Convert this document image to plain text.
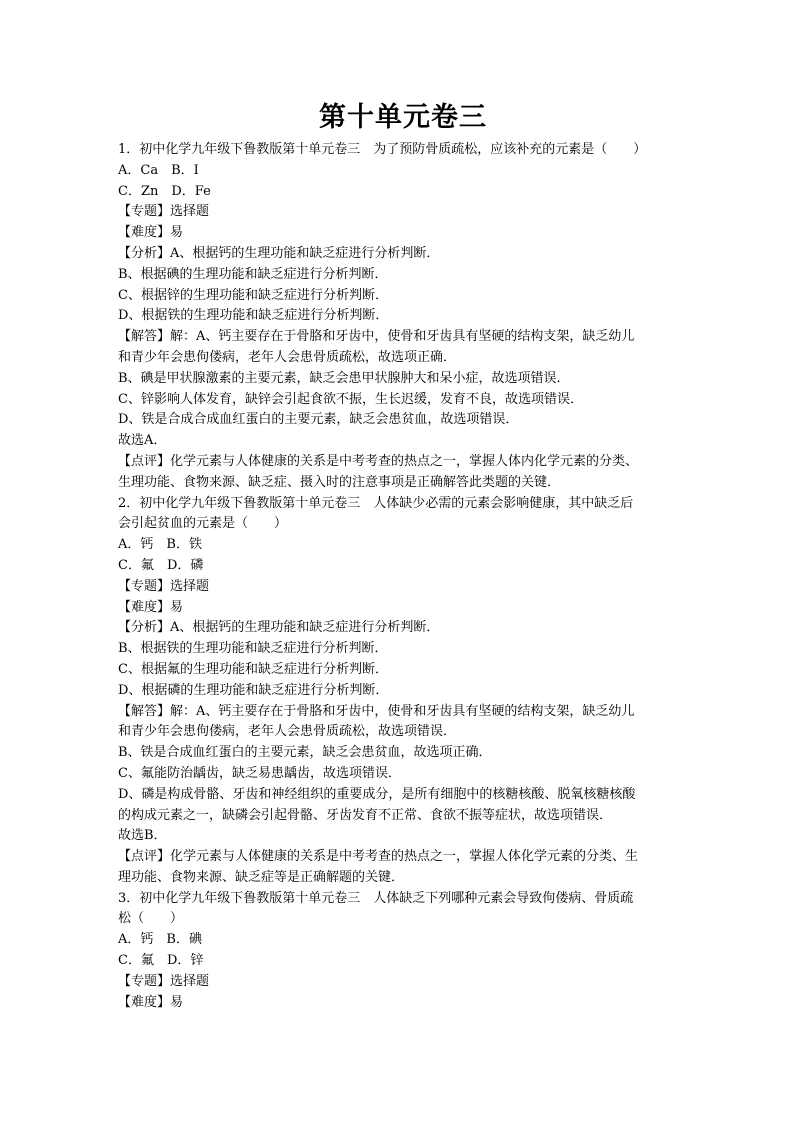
第十单元卷三
1．初中化学九年级下鲁教版第十单元卷三　为了预防骨质疏松，应该补充的元素是（　　）
A．Ca　B．I
C．Zn　D．Fe
【专题】选择题
【难度】易
【分析】A、根据钙的生理功能和缺乏症进行分析判断．
B、根据碘的生理功能和缺乏症进行分析判断．
C、根据锌的生理功能和缺乏症进行分析判断．
D、根据铁的生理功能和缺乏症进行分析判断．
【解答】解：A、钙主要存在于骨胳和牙齿中，使骨和牙齿具有坚硬的结构支架，缺乏幼儿
和青少年会患佝偻病，老年人会患骨质疏松，故选项正确．
B、碘是甲状腺激素的主要元素，缺乏会患甲状腺肿大和呆小症，故选项错误．
C、锌影响人体发育，缺锌会引起食欲不振，生长迟缓，发育不良，故选项错误．
D、铁是合成合成血红蛋白的主要元素，缺乏会患贫血，故选项错误．
故选A．
【点评】化学元素与人体健康的关系是中考考查的热点之一，掌握人体内化学元素的分类、
生理功能、食物来源、缺乏症、摄入时的注意事项是正确解答此类题的关键．
2．初中化学九年级下鲁教版第十单元卷三　人体缺少必需的元素会影响健康，其中缺乏后
会引起贫血的元素是（　　）
A．钙　B．铁
C．氟　D．磷
【专题】选择题
【难度】易
【分析】A、根据钙的生理功能和缺乏症进行分析判断．
B、根据铁的生理功能和缺乏症进行分析判断．
C、根据氟的生理功能和缺乏症进行分析判断．
D、根据磷的生理功能和缺乏症进行分析判断．
【解答】解：A、钙主要存在于骨胳和牙齿中，使骨和牙齿具有坚硬的结构支架，缺乏幼儿
和青少年会患佝偻病，老年人会患骨质疏松，故选项错误．
B、铁是合成血红蛋白的主要元素，缺乏会患贫血，故选项正确．
C、氟能防治龋齿，缺乏易患龋齿，故选项错误．
D、磷是构成骨骼、牙齿和神经组织的重要成分，是所有细胞中的核糖核酸、脱氧核糖核酸
的构成元素之一，缺磷会引起骨骼、牙齿发育不正常、食欲不振等症状，故选项错误．
故选B．
【点评】化学元素与人体健康的关系是中考考查的热点之一，掌握人体化学元素的分类、生
理功能、食物来源、缺乏症等是正确解题的关键．
3．初中化学九年级下鲁教版第十单元卷三　人体缺乏下列哪种元素会导致佝偻病、骨质疏
松（　　）
A．钙　B．碘
C．氟　D．锌
【专题】选择题
【难度】易
